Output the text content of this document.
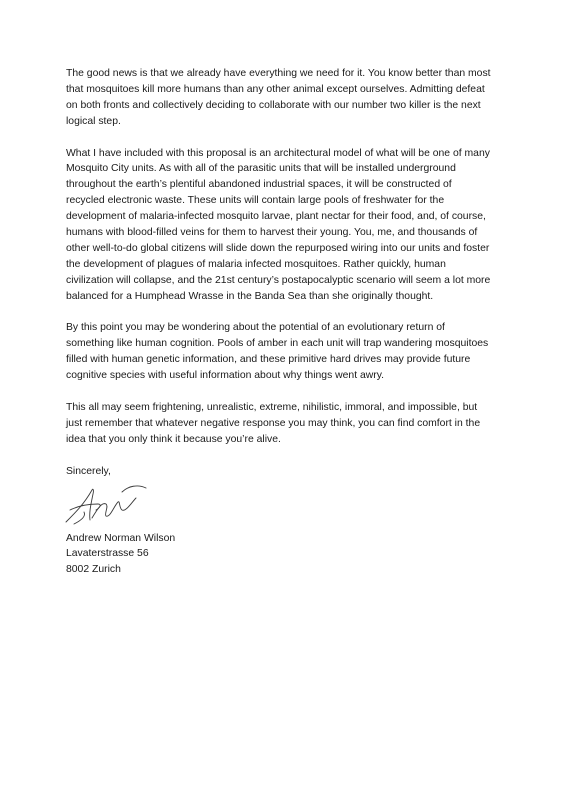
The good news is that we already have everything we need for it. You know better than most
that mosquitoes kill more humans than any other animal except ourselves. Admitting defeat
on both fronts and collectively deciding to collaborate with our number two killer is the next
logical step.

What I have included with this proposal is an architectural model of what will be one of many
Mosquito City units. As with all of the parasitic units that will be installed underground
throughout the earth’s plentiful abandoned industrial spaces, it will be constructed of
recycled electronic waste. These units will contain large pools of freshwater for the
development of malaria-infected mosquito larvae, plant nectar for their food, and, of course,
humans with blood-filled veins for them to harvest their young. You, me, and thousands of
other well-to-do global citizens will slide down the repurposed wiring into our units and foster
the development of plagues of malaria infected mosquitoes. Rather quickly, human
civilization will collapse, and the 21st century’s postapocalyptic scenario will seem a lot more
balanced for a Humphead Wrasse in the Banda Sea than she originally thought.

By this point you may be wondering about the potential of an evolutionary return of
something like human cognition. Pools of amber in each unit will trap wandering mosquitoes
filled with human genetic information, and these primitive hard drives may provide future
cognitive species with useful information about why things went awry.

This all may seem frightening, unrealistic, extreme, nihilistic, immoral, and impossible, but
just remember that whatever negative response you may think, you can find comfort in the
idea that you only think it because you’re alive.

Sincerely,

Andrew Norman Wilson

Lavaterstrasse 56

8002 Zurich
